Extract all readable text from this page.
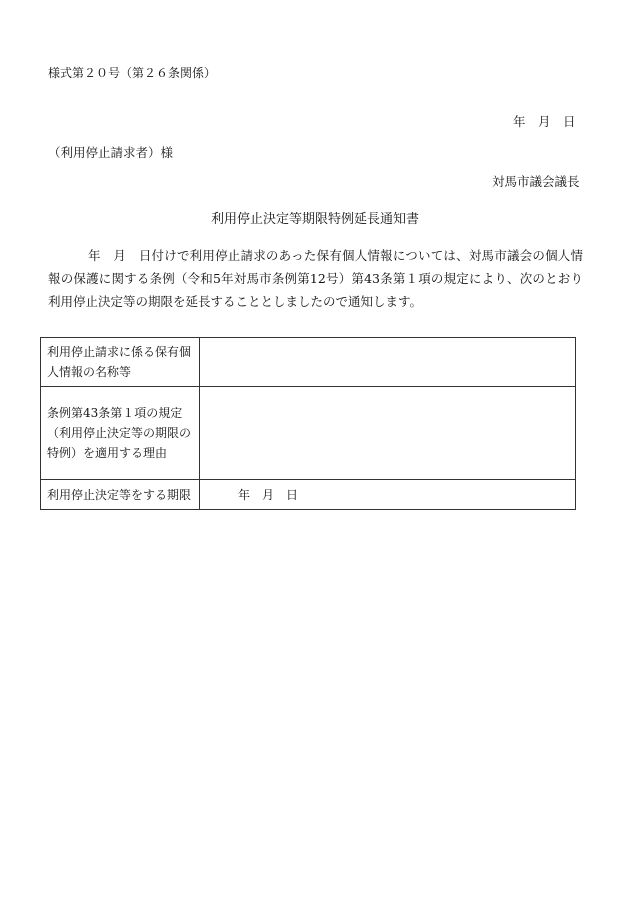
様式第２０号（第２６条関係）
年　月　日
（利用停止請求者）様
対馬市議会議長
利用停止決定等期限特例延長通知書
年　月　日付けで利用停止請求のあった保有個人情報については、対馬市議会の個人情報の保護に関する条例（令和5年対馬市条例第12号）第43条第１項の規定により、次のとおり利用停止決定等の期限を延長することとしましたので通知します。
利用停止請求に係る保有個人情報の名称等	
条例第43条第１項の規定（利用停止決定等の期限の特例）を適用する理由	
利用停止決定等をする期限	年　月　日
